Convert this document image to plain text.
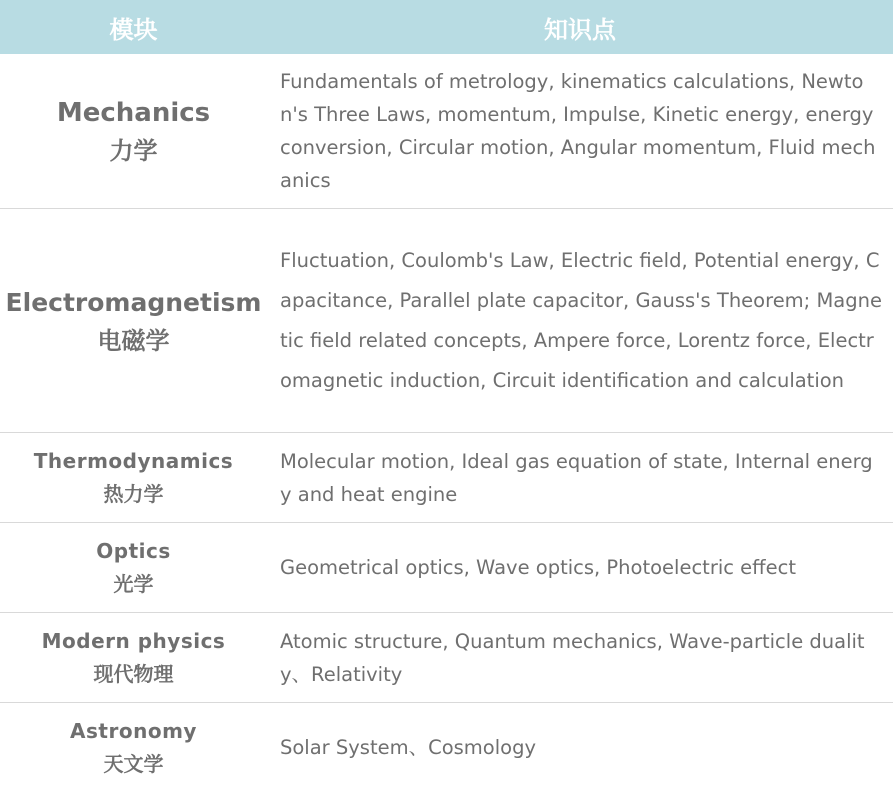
模块	知识点

Mechanics
力学	Fundamentals of metrology, kinematics calculations, Newton's Three Laws, momentum, Impulse, Kinetic energy, energy conversion, Circular motion, Angular momentum, Fluid mechanics

Electromagnetism
电磁学	Fluctuation, Coulomb's Law, Electric field, Potential energy, Capacitance, Parallel plate capacitor, Gauss's Theorem; Magnetic field related concepts, Ampere force, Lorentz force, Electromagnetic induction, Circuit identification and calculation

Thermodynamics
热力学	Molecular motion, Ideal gas equation of state, Internal energy and heat engine

Optics
光学	Geometrical optics, Wave optics, Photoelectric effect

Modern physics
现代物理	Atomic structure, Quantum mechanics, Wave-particle duality、Relativity

Astronomy
天文学	Solar System、Cosmology
